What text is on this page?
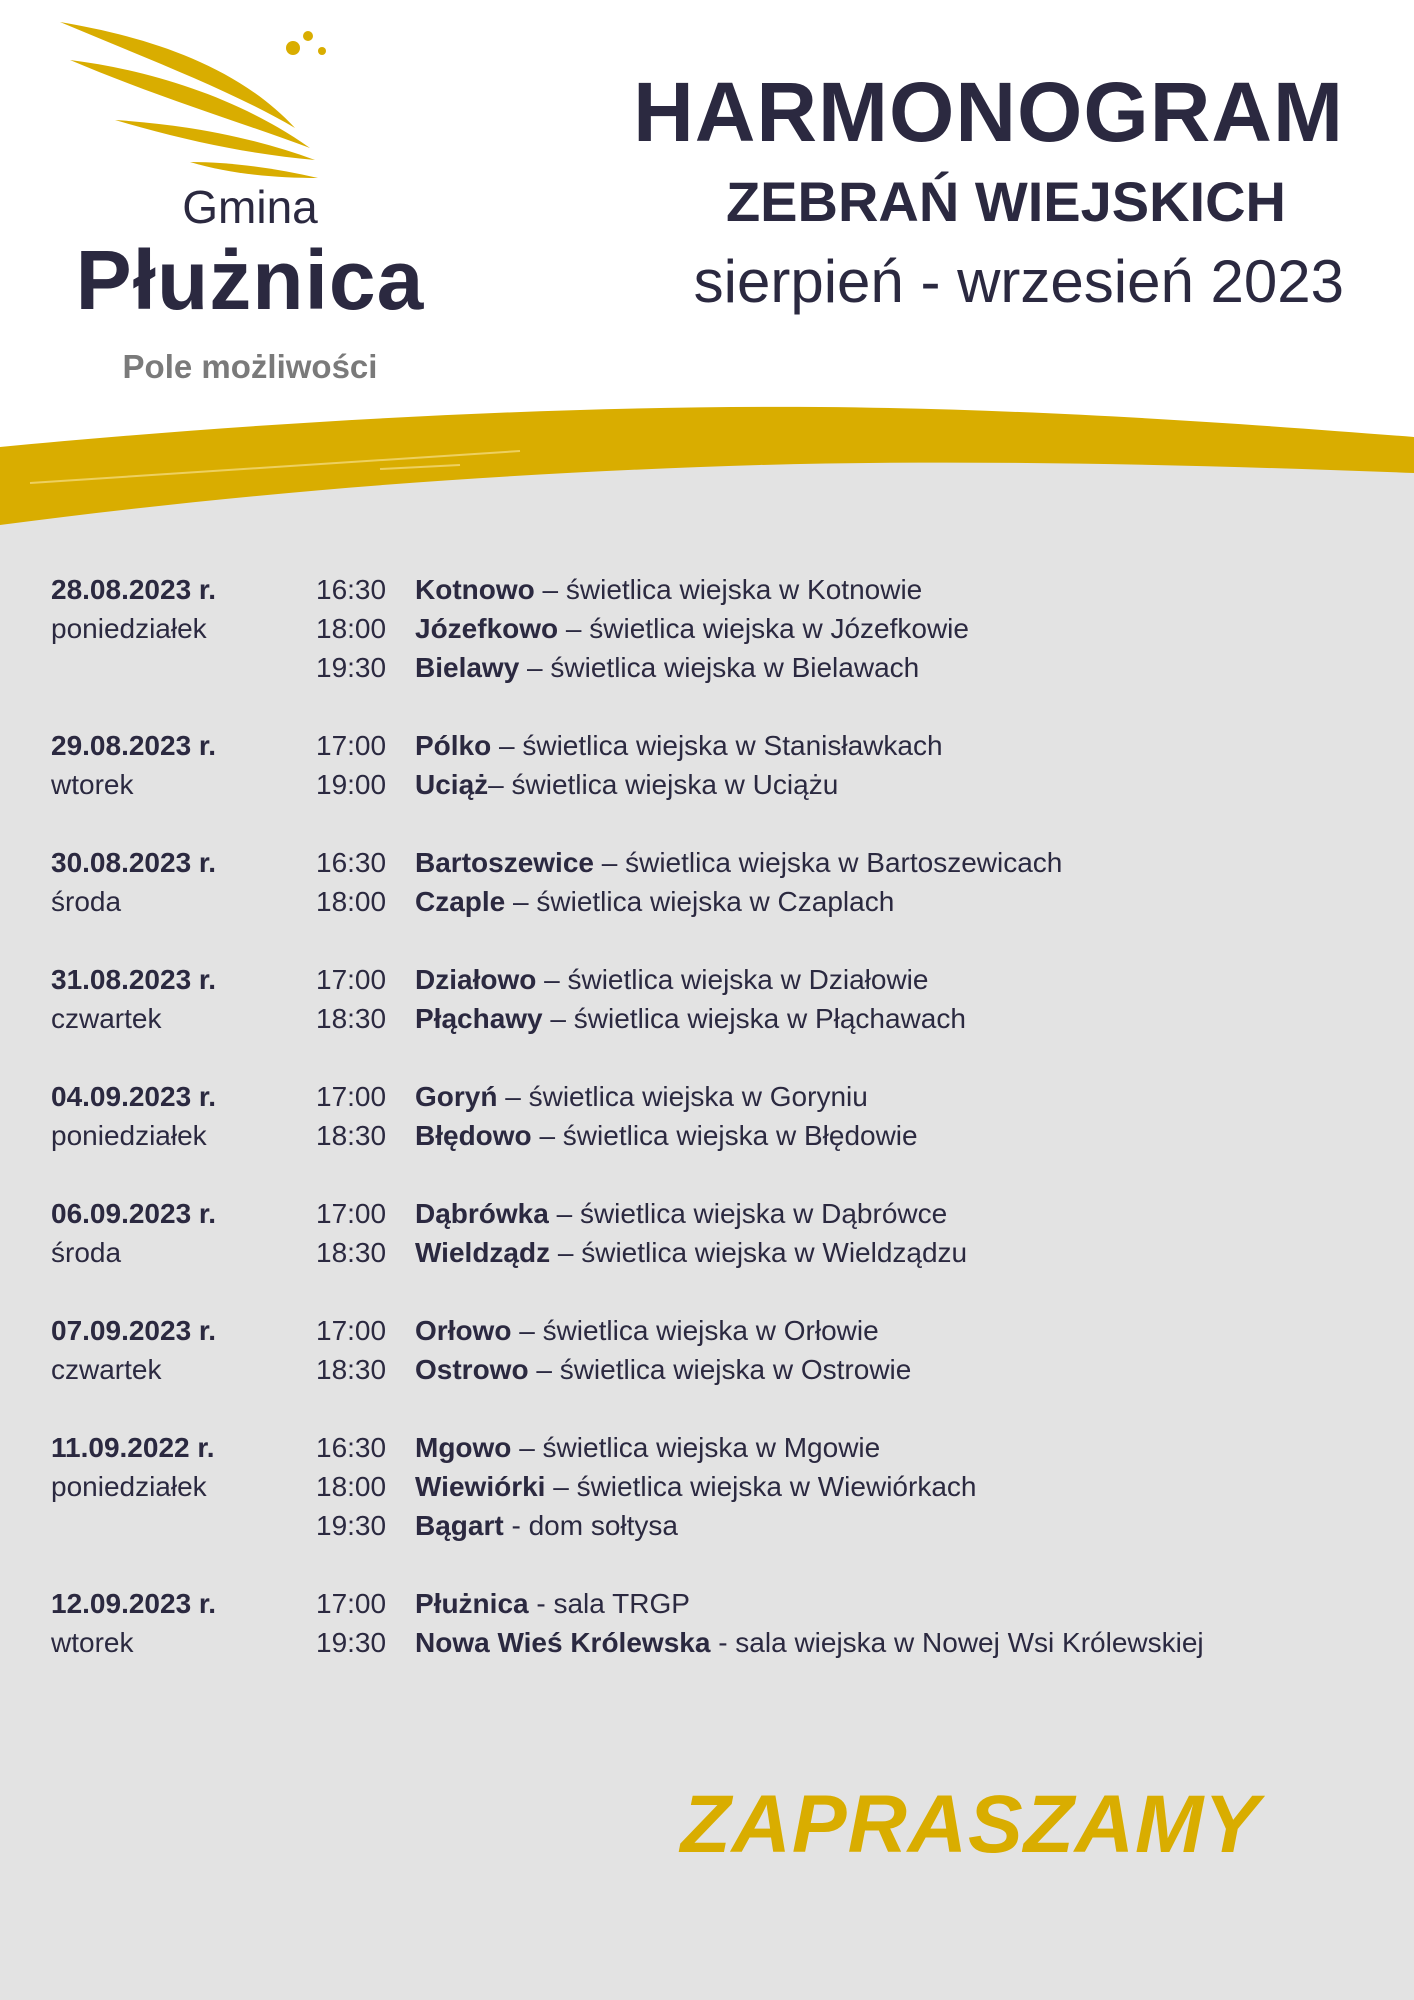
Gmina
Płużnica
Pole możliwości
HARMONOGRAM
ZEBRAŃ WIEJSKICH
sierpień - wrzesień 2023
28.08.2023 r.	16:30 Kotnowo – świetlica wiejska w Kotnowie
poniedziałek	18:00 Józefkowo – świetlica wiejska w Józefkowie
19:30 Bielawy – świetlica wiejska w Bielawach
29.08.2023 r.	17:00 Pólko – świetlica wiejska w Stanisławkach
wtorek	19:00 Uciąż– świetlica wiejska w Uciążu
30.08.2023 r.	16:30 Bartoszewice – świetlica wiejska w Bartoszewicach
środa	18:00 Czaple – świetlica wiejska w Czaplach
31.08.2023 r.	17:00 Działowo – świetlica wiejska w Działowie
czwartek	18:30 Płąchawy – świetlica wiejska w Płąchawach
04.09.2023 r.	17:00 Goryń – świetlica wiejska w Goryniu
poniedziałek	18:30 Błędowo – świetlica wiejska w Błędowie
06.09.2023 r.	17:00 Dąbrówka – świetlica wiejska w Dąbrówce
środa	18:30 Wieldządz – świetlica wiejska w Wieldządzu
07.09.2023 r.	17:00 Orłowo – świetlica wiejska w Orłowie
czwartek	18:30 Ostrowo – świetlica wiejska w Ostrowie
11.09.2022 r.	16:30 Mgowo – świetlica wiejska w Mgowie
poniedziałek	18:00 Wiewiórki – świetlica wiejska w Wiewiórkach
19:30 Bągart - dom sołtysa
12.09.2023 r.	17:00 Płużnica - sala TRGP
wtorek	19:30 Nowa Wieś Królewska - sala wiejska w Nowej Wsi Królewskiej
ZAPRASZAMY
